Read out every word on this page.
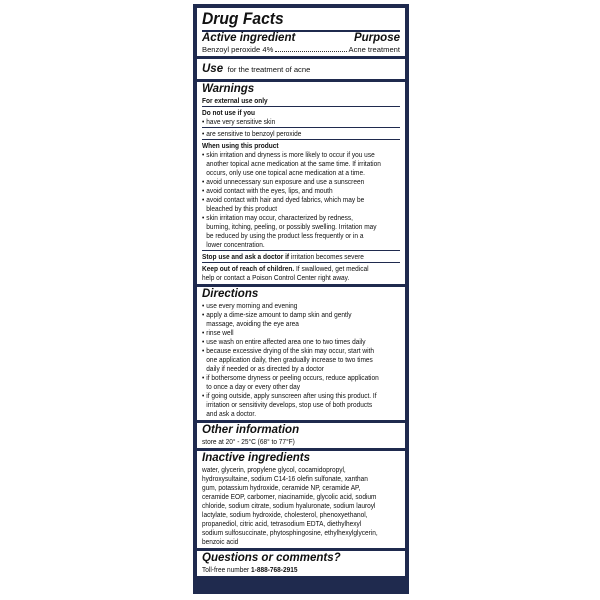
Drug Facts
Active ingredient	Purpose
Benzoyl peroxide 4%	Acne treatment
Use for the treatment of acne
Warnings
For external use only
Do not use if you
• have very sensitive skin
• are sensitive to benzoyl peroxide
When using this product
• skin irritation and dryness is more likely to occur if you use
another topical acne medication at the same time. If irritation
occurs, only use one topical acne medication at a time.
• avoid unnecessary sun exposure and use a sunscreen
• avoid contact with the eyes, lips, and mouth
• avoid contact with hair and dyed fabrics, which may be
bleached by this product
• skin irritation may occur, characterized by redness,
burning, itching, peeling, or possibly swelling. Irritation may
be reduced by using the product less frequently or in a
lower concentration.
Stop use and ask a doctor if irritation becomes severe
Keep out of reach of children. If swallowed, get medical
help or contact a Poison Control Center right away.
Directions
• use every morning and evening
• apply a dime-size amount to damp skin and gently
massage, avoiding the eye area
• rinse well
• use wash on entire affected area one to two times daily
• because excessive drying of the skin may occur, start with
one application daily, then gradually increase to two times
daily if needed or as directed by a doctor
• if bothersome dryness or peeling occurs, reduce application
to once a day or every other day
• if going outside, apply sunscreen after using this product. If
irritation or sensitivity develops, stop use of both products
and ask a doctor.
Other information
store at 20° - 25°C (68° to 77°F)
Inactive ingredients
water, glycerin, propylene glycol, cocamidopropyl,
hydroxysultaine, sodium C14-16 olefin sulfonate, xanthan
gum, potassium hydroxide, ceramide NP, ceramide AP,
ceramide EOP, carbomer, niacinamide, glycolic acid, sodium
chloride, sodium citrate, sodium hyaluronate, sodium lauroyl
lactylate, sodium hydroxide, cholesterol, phenoxyethanol,
propanediol, citric acid, tetrasodium EDTA, diethylhexyl
sodium sulfosuccinate, phytosphingosine, ethylhexylglycerin,
benzoic acid
Questions or comments?
Toll-free number 1-888-768-2915
